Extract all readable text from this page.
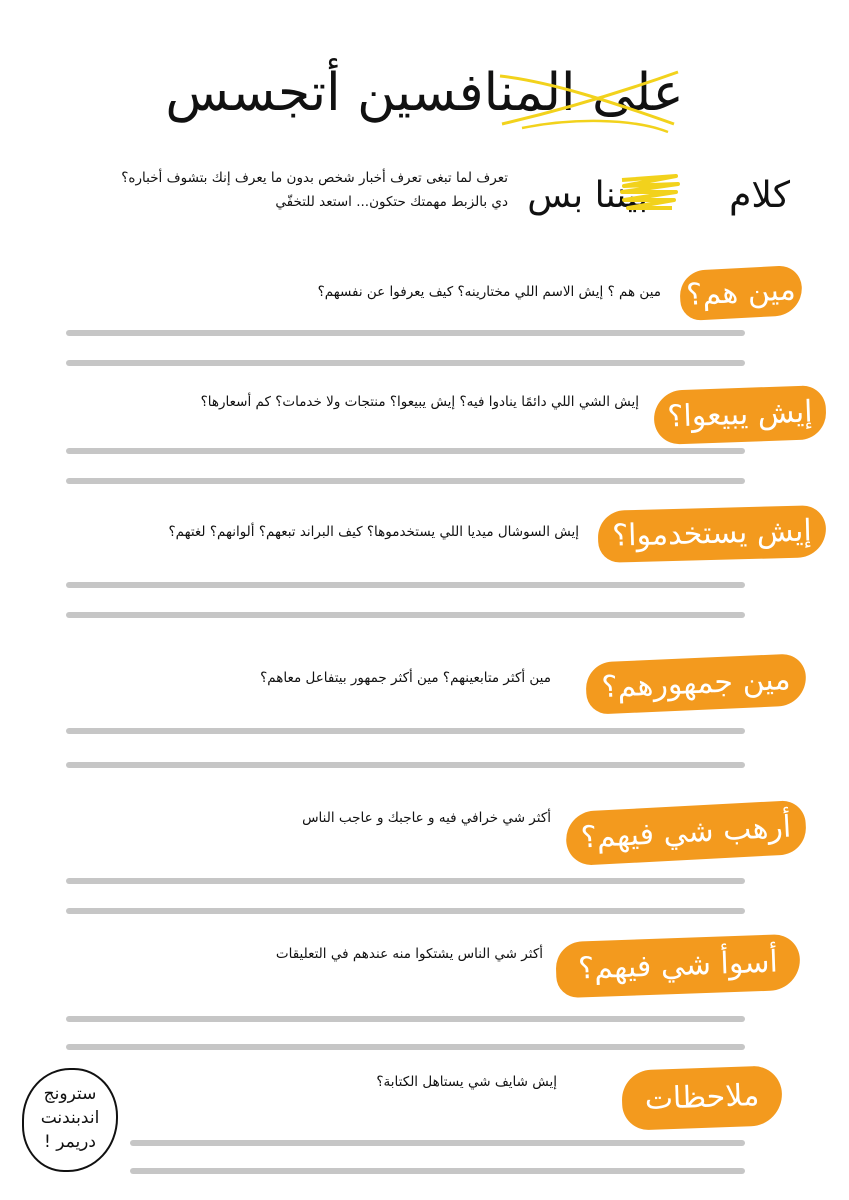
على المنافسين أتجسس
كلام  بيننا بس
تعرف لما تبغى تعرف أخبار شخص بدون ما يعرف إنك بتشوف أخباره؟
دي بالزبط مهمتك حتكون... استعد للتخفّي
مين هم؟
مين هم ؟ إيش الاسم اللي مختارينه؟ كيف يعرفوا عن نفسهم؟
إيش يبيعوا؟
إيش الشي اللي دائمًا ينادوا فيه؟ إيش يبيعوا؟ منتجات ولا خدمات؟ كم أسعارها؟
إيش يستخدموا؟
إيش السوشال ميديا اللي يستخدموها؟ كيف البراند تبعهم؟ ألوانهم؟ لغتهم؟
مين جمهورهم؟
مين أكثر متابعينهم؟ مين أكثر جمهور بيتفاعل معاهم؟
أرهب شي فيهم؟
أكثر شي خرافي فيه و عاجبك و عاجب الناس
أسوأ شي فيهم؟
أكثر شي الناس يشتكوا منه عندهم في التعليقات
ملاحظات
إيش شايف شي يستاهل الكتابة؟
سترونج
اندبندنت
دريمر !
